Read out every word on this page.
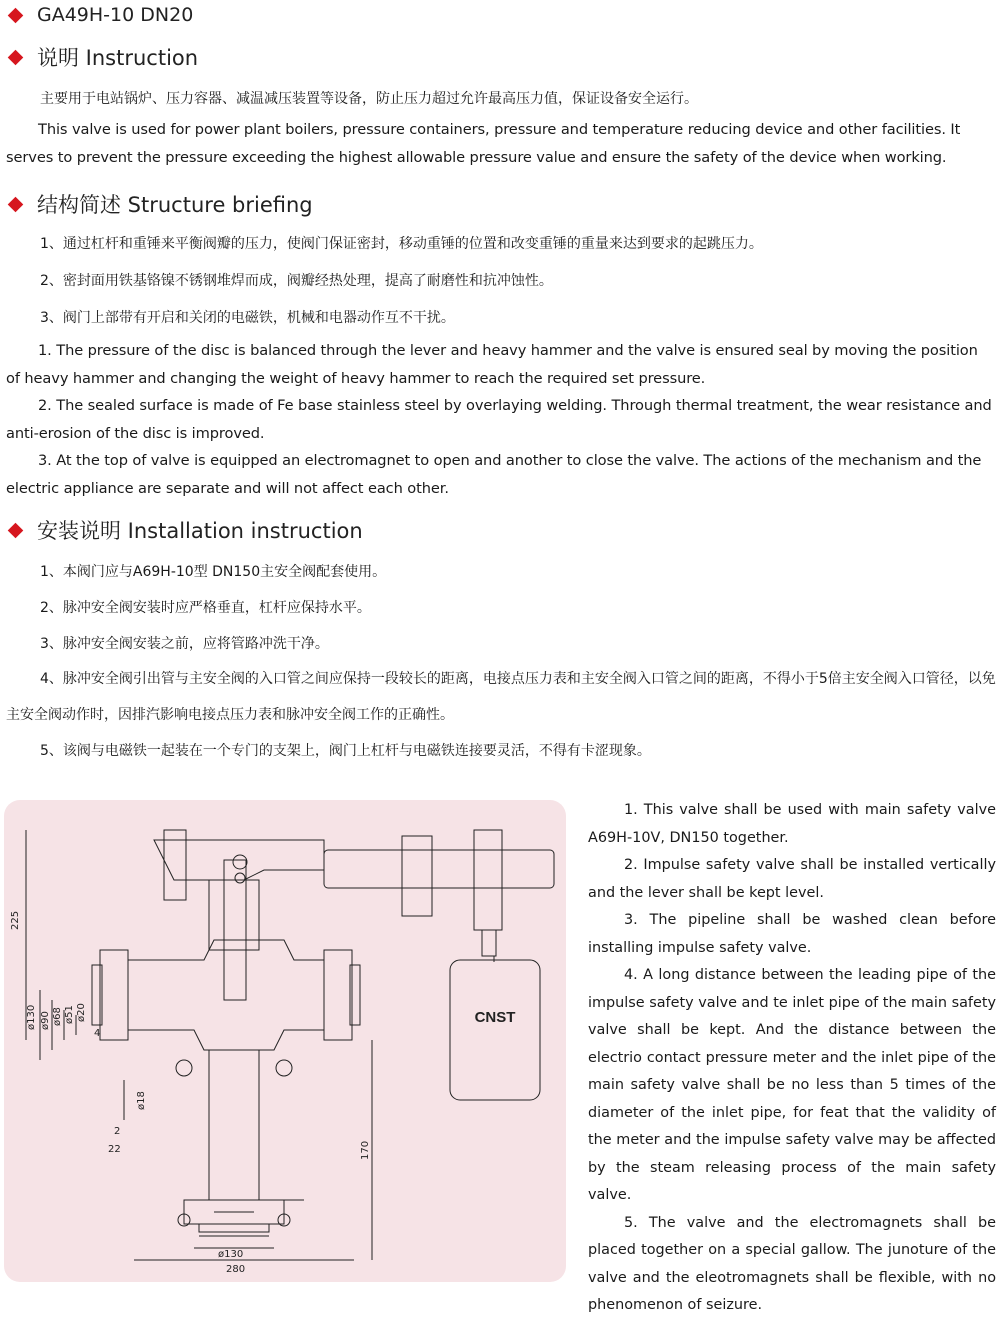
GA49H-10 DN20
说明 Instruction
主要用于电站锅炉、压力容器、减温减压装置等设备，防止压力超过允许最高压力值，保证设备安全运行。
This valve is used for power plant boilers, pressure containers, pressure and temperature reducing device and other facilities. It serves to prevent the pressure exceeding the highest allowable pressure value and ensure the safety of the device when working.
结构简述 Structure briefing
1、通过杠杆和重锤来平衡阀瓣的压力，使阀门保证密封，移动重锤的位置和改变重锤的重量来达到要求的起跳压力。
2、密封面用铁基铬镍不锈钢堆焊而成，阀瓣经热处理，提高了耐磨性和抗冲蚀性。
3、阀门上部带有开启和关闭的电磁铁，机械和电器动作互不干扰。
1. The pressure of the disc is balanced through the lever and heavy hammer and the valve is ensured seal by moving the position of heavy hammer and changing the weight of heavy hammer to reach the required set pressure.
2. The sealed surface is made of Fe base stainless steel by overlaying welding. Through thermal treatment, the wear resistance and anti-erosion of the disc is improved.
3. At the top of valve is equipped an electromagnet to open and another to close the valve. The actions of the mechanism and the electric appliance are separate and will not affect each other.
安装说明 Installation instruction
1、本阀门应与A69H-10型 DN150主安全阀配套使用。
2、脉冲安全阀安装时应严格垂直，杠杆应保持水平。
3、脉冲安全阀安装之前，应将管路冲洗干净。
4、脉冲安全阀引出管与主安全阀的入口管之间应保持一段较长的距离，电接点压力表和主安全阀入口管之间的距离，不得小于5倍主安全阀入口管径，以免主安全阀动作时，因排汽影响电接点压力表和脉冲安全阀工作的正确性。
5、该阀与电磁铁一起装在一个专门的支架上，阀门上杠杆与电磁铁连接要灵活，不得有卡涩现象。
225
ø130 ø90 ø68 ø51 ø20
4
ø18
2
22	170
ø130
280
CNST

1. This valve shall be used with main safety valve A69H-10V, DN150 together.

2. Impulse safety valve shall be installed vertically and the lever shall be kept level.

3. The pipeline shall be washed clean before installing impulse safety valve.

4. A long distance between the leading pipe of the impulse safety valve and te inlet pipe of the main safety valve shall be kept. And the distance between the electrio contact pressure meter and the inlet pipe of the main safety valve shall be no less than 5 times of the diameter of the inlet pipe, for feat that the validity of the meter and the impulse safety valve may be affected by the steam releasing process of the main safety valve.

5. The valve and the electromagnets shall be placed together on a special gallow. The junoture of the valve and the eleotromagnets shall be flexible, with no phenomenon of seizure.
